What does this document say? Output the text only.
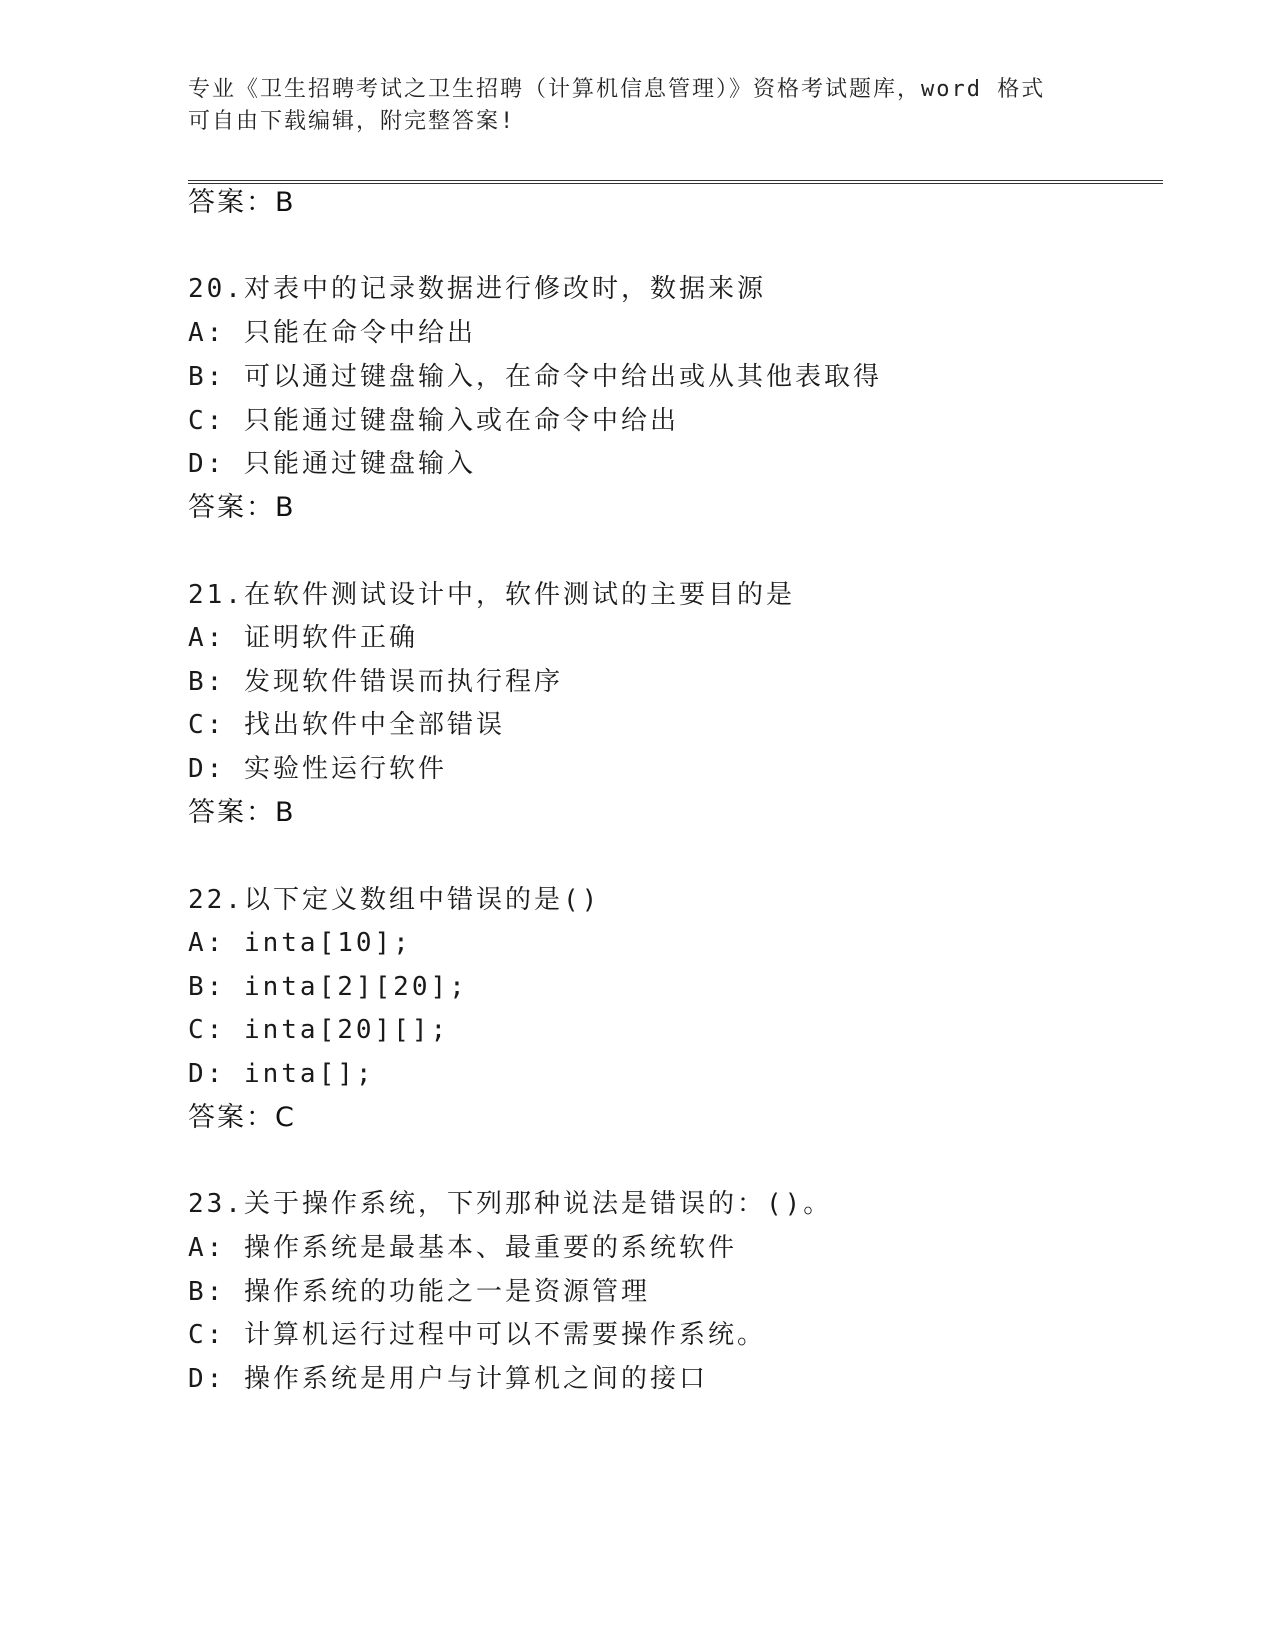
专业《卫生招聘考试之卫生招聘（计算机信息管理）》资格考试题库，word 格式
可自由下载编辑，附完整答案!
答案：B
20.对表中的记录数据进行修改时，数据来源
A: 只能在命令中给出
B: 可以通过键盘输入，在命令中给出或从其他表取得
C: 只能通过键盘输入或在命令中给出
D: 只能通过键盘输入
答案：B
21.在软件测试设计中，软件测试的主要目的是
A: 证明软件正确
B: 发现软件错误而执行程序
C: 找出软件中全部错误
D: 实验性运行软件
答案：B
22.以下定义数组中错误的是()
A: inta[10];
B: inta[2][20];
C: inta[20][];
D: inta[];
答案：C
23.关于操作系统，下列那种说法是错误的：()。
A: 操作系统是最基本、最重要的系统软件
B: 操作系统的功能之一是资源管理
C: 计算机运行过程中可以不需要操作系统。
D: 操作系统是用户与计算机之间的接口
